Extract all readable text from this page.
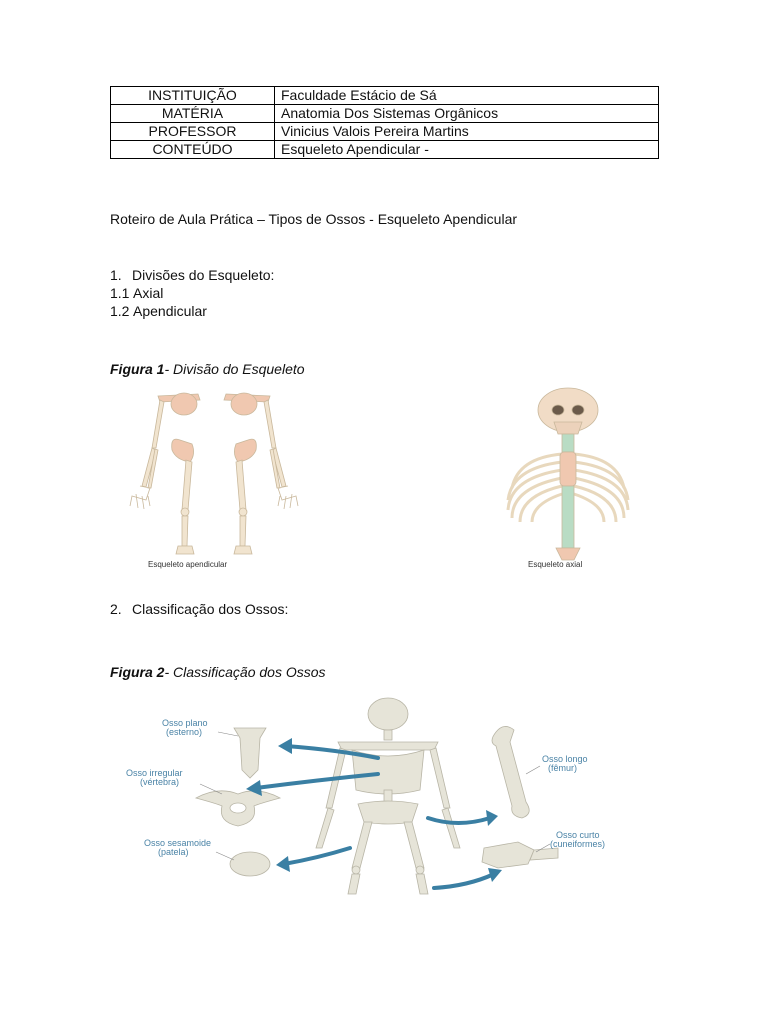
INSTITUIÇÃO	Faculdade Estácio de Sá
MATÉRIA	Anatomia Dos Sistemas Orgânicos
PROFESSOR	Vinicius Valois Pereira Martins
CONTEÚDO	Esqueleto Apendicular -
Roteiro de Aula Prática – Tipos de Ossos - Esqueleto Apendicular
1. Divisões do Esqueleto:
1.1 Axial
1.2 Apendicular
Figura 1- Divisão do Esqueleto
Esqueleto apendicular	Esqueleto axial
2. Classificação dos Ossos:
Figura 2- Classificação dos Ossos
Osso plano
(esterno)
Osso irregular
(vértebra)
Osso sesamoide
(patela)
Osso longo
(fêmur)
Osso curto
(cuneiformes)
